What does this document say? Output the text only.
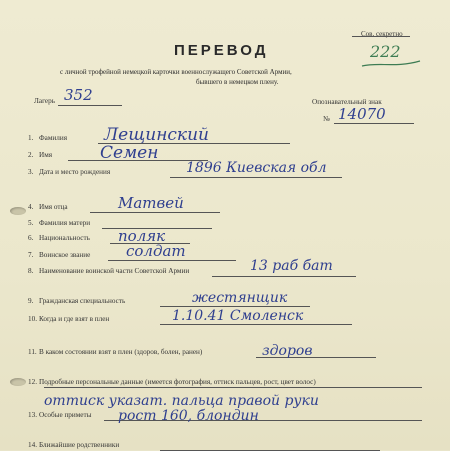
Сов. секретно
222
ПЕРЕВОД
с личной трофейной немецкой карточки военнослужащего Советской Армии,
бывшего в немецком плену.
Лагерь 352	Опознавательный знак
№ 14070
1. Фамилия Лещинский
2. Имя	Семен
3. Дата и место рождения	1896 Киевская обл
4. Имя отца	Матвей
5. Фамилия матери
6. Национальность поляк
7. Воинское звание солдат
8. Наименование воинской части Советской Армии	13 раб бат
9. Гражданская специальность	жестянщик
10. Когда и где взят в плен	1.10.41 Смоленск
11. В каком состоянии взят в плен (здоров, болен, ранен)	здоров
12. Подробные персональные данные (имеется фотография, оттиск пальцев, рост, цвет волос)
оттиск указат. пальца правой руки
13. Особые приметы рост 160, блондин
14. Ближайшие родственники
